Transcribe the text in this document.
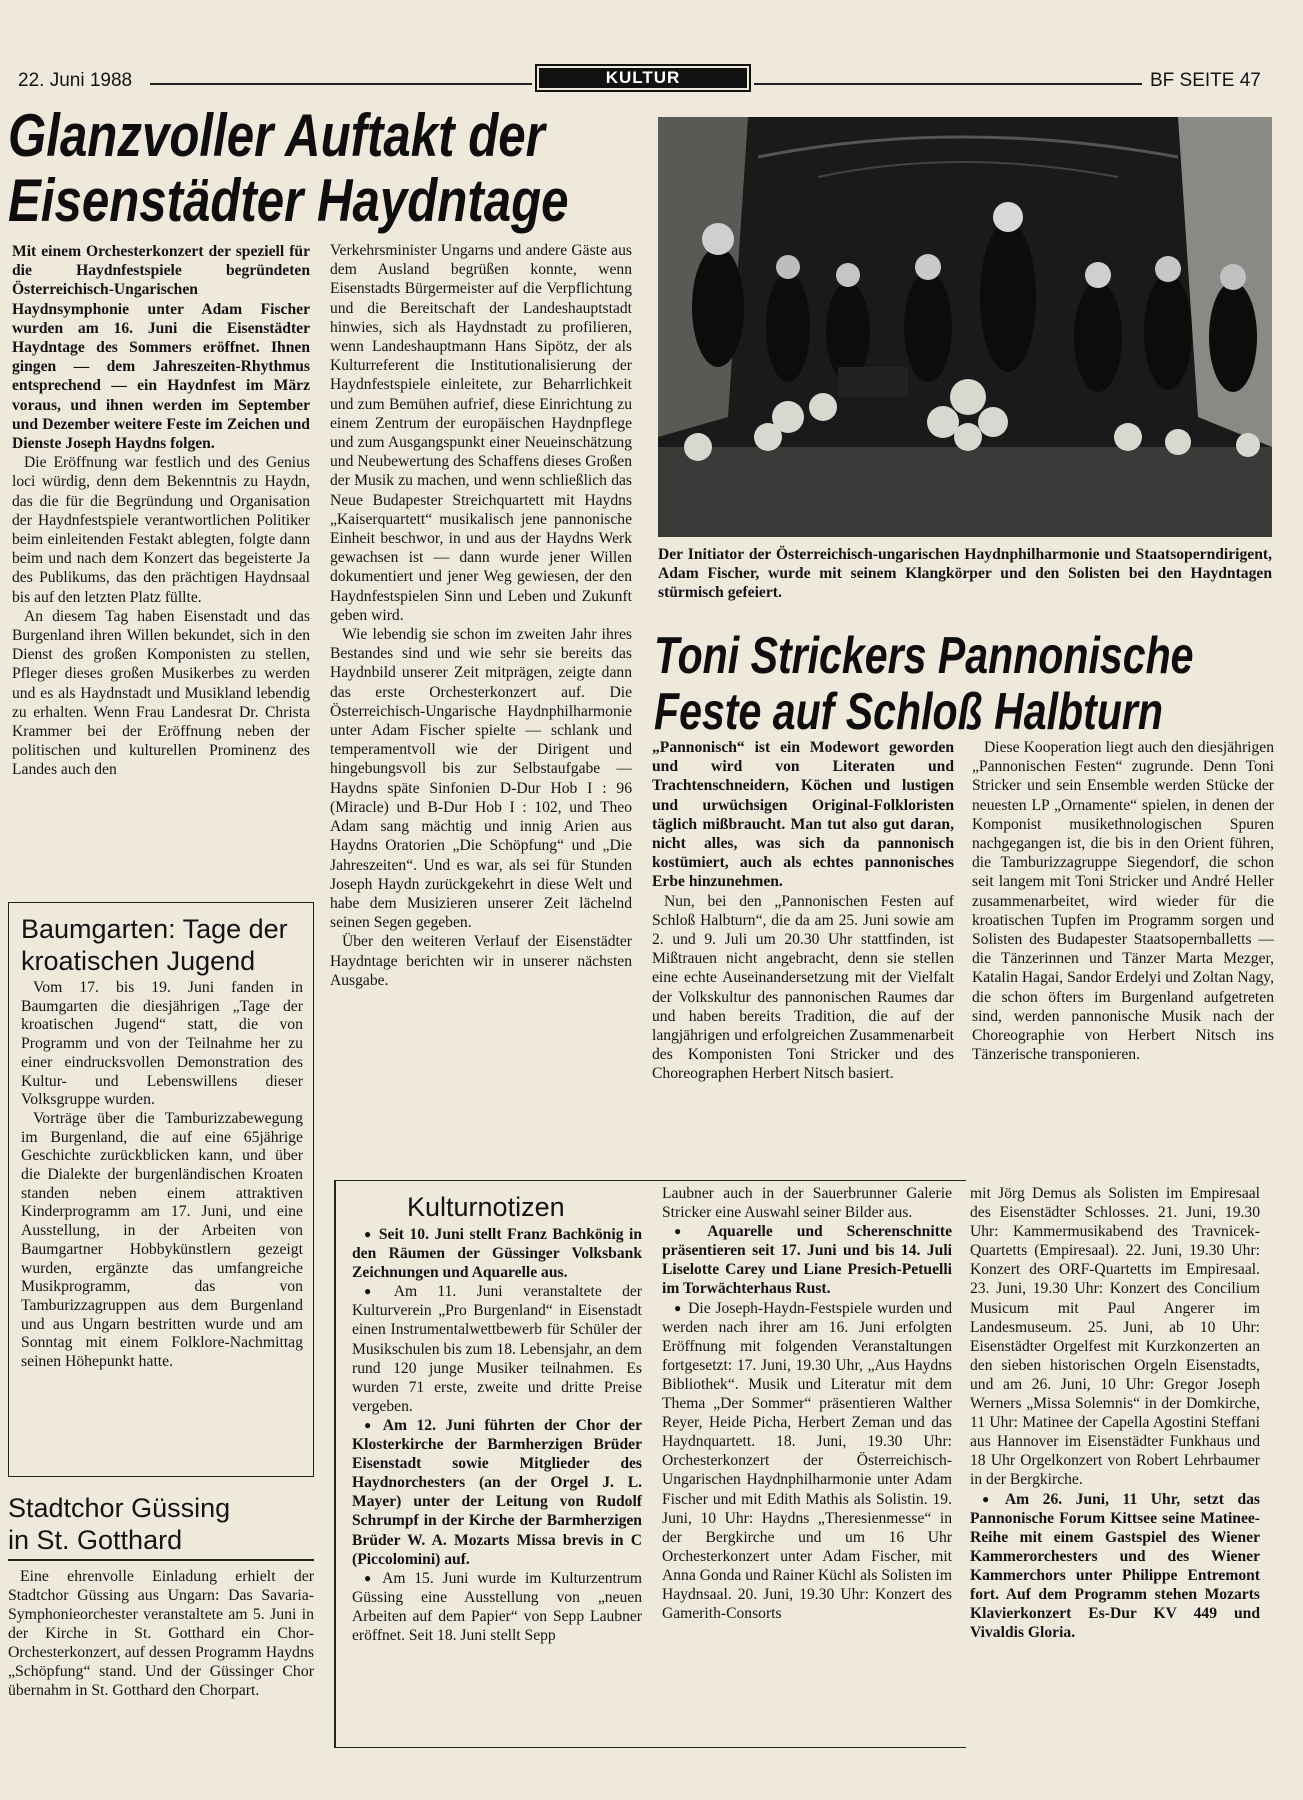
22. Juni 1988	KULTUR	BF SEITE 47
Glanzvoller Auftakt der
Eisenstädter Haydntage

Mit einem Orchesterkonzert der speziell für die Haydnfestspiele begründeten Österreichisch-Ungarischen Haydnsymphonie unter Adam Fischer wurden am 16. Juni die Eisenstädter Haydntage des Sommers eröffnet. Ihnen gingen — dem Jahreszeiten-Rhythmus entsprechend — ein Haydnfest im März voraus, und ihnen werden im September und Dezember weitere Feste im Zeichen und Dienste Joseph Haydns folgen.

Die Eröffnung war festlich und des Genius loci würdig, denn dem Bekenntnis zu Haydn, das die für die Begründung und Organisation der Haydnfestspiele verantwortlichen Politiker beim einleitenden Festakt ablegten, folgte dann beim und nach dem Konzert das begeisterte Ja des Publikums, das den prächtigen Haydnsaal bis auf den letzten Platz füllte.

An diesem Tag haben Eisenstadt und das Burgenland ihren Willen bekundet, sich in den Dienst des großen Komponisten zu stellen, Pfleger dieses großen Musikerbes zu werden und es als Haydnstadt und Musikland lebendig zu erhalten. Wenn Frau Landesrat Dr. Christa Krammer bei der Eröffnung neben der politischen und kulturellen Prominenz des Landes auch den

Verkehrsminister Ungarns und andere Gäste aus dem Ausland begrüßen konnte, wenn Eisenstadts Bürgermeister auf die Verpflichtung und die Bereitschaft der Landeshauptstadt hinwies, sich als Haydnstadt zu profilieren, wenn Landeshauptmann Hans Sipötz, der als Kulturreferent die Institutionalisierung der Haydnfestspiele einleitete, zur Beharrlichkeit und zum Bemühen aufrief, diese Einrichtung zu einem Zentrum der europäischen Haydnpflege und zum Ausgangspunkt einer Neueinschätzung und Neubewertung des Schaffens dieses Großen der Musik zu machen, und wenn schließlich das Neue Budapester Streichquartett mit Haydns „Kaiserquartett“ musikalisch jene pannonische Einheit beschwor, in und aus der Haydns Werk gewachsen ist — dann wurde jener Willen dokumentiert und jener Weg gewiesen, der den Haydnfestspielen Sinn und Leben und Zukunft geben wird.

Wie lebendig sie schon im zweiten Jahr ihres Bestandes sind und wie sehr sie bereits das Haydnbild unserer Zeit mitprägen, zeigte dann das erste Orchesterkonzert auf. Die Österreichisch-Ungarische Haydnphilharmonie unter Adam Fischer spielte — schlank und temperamentvoll wie der Dirigent und hingebungsvoll bis zur Selbstaufgabe — Haydns späte Sinfonien D-Dur Hob I : 96 (Miracle) und B-Dur Hob I : 102, und Theo Adam sang mächtig und innig Arien aus Haydns Oratorien „Die Schöpfung“ und „Die Jahreszeiten“. Und es war, als sei für Stunden Joseph Haydn zurückgekehrt in diese Welt und habe dem Musizieren unserer Zeit lächelnd seinen Segen gegeben.

Über den weiteren Verlauf der Eisenstädter Haydntage berichten wir in unserer nächsten Ausgabe.

Der Initiator der Österreichisch-ungarischen Haydnphilharmonie und Staatsoperndirigent, Adam Fischer, wurde mit seinem Klangkörper und den Solisten bei den Haydntagen stürmisch gefeiert.
Toni Strickers Pannonische
Feste auf Schloß Halbturn

„Pannonisch“ ist ein Modewort geworden und wird von Literaten und Trachtenschneidern, Köchen und lustigen und urwüchsigen Original-Folkloristen täglich mißbraucht. Man tut also gut daran, nicht alles, was sich da pannonisch kostümiert, auch als echtes pannonisches Erbe hinzunehmen.

Nun, bei den „Pannonischen Festen auf Schloß Halbturn“, die da am 25. Juni sowie am 2. und 9. Juli um 20.30 Uhr stattfinden, ist Mißtrauen nicht angebracht, denn sie stellen eine echte Auseinandersetzung mit der Vielfalt der Volkskultur des pannonischen Raumes dar und haben bereits Tradition, die auf der langjährigen und erfolgreichen Zusammenarbeit des Komponisten Toni Stricker und des Choreographen Herbert Nitsch basiert.

Diese Kooperation liegt auch den diesjährigen „Pannonischen Festen“ zugrunde. Denn Toni Stricker und sein Ensemble werden Stücke der neuesten LP „Ornamente“ spielen, in denen der Komponist musikethnologischen Spuren nachgegangen ist, die bis in den Orient führen, die Tamburizzagruppe Siegendorf, die schon seit langem mit Toni Stricker und André Heller zusammenarbeitet, wird wieder für die kroatischen Tupfen im Programm sorgen und Solisten des Budapester Staatsopernballetts — die Tänzerinnen und Tänzer Marta Mezger, Katalin Hagai, Sandor Erdelyi und Zoltan Nagy, die schon öfters im Burgenland aufgetreten sind, werden pannonische Musik nach der Choreographie von Herbert Nitsch ins Tänzerische transponieren.

Baumgarten: Tage der
kroatischen Jugend

Vom 17. bis 19. Juni fanden in Baumgarten die diesjährigen „Tage der kroatischen Jugend“ statt, die von Programm und von der Teilnahme her zu einer eindrucksvollen Demonstration des Kultur- und Lebenswillens dieser Volksgruppe wurden.

Vorträge über die Tamburizzabewegung im Burgenland, die auf eine 65jährige Geschichte zurückblicken kann, und über die Dialekte der burgenländischen Kroaten standen neben einem attraktiven Kinderprogramm am 17. Juni, und eine Ausstellung, in der Arbeiten von Baumgartner Hobbykünstlern gezeigt wurden, ergänzte das umfangreiche Musikprogramm, das von Tamburizzagruppen aus dem Burgenland und aus Ungarn bestritten wurde und am Sonntag mit einem Folklore-Nachmittag seinen Höhepunkt hatte.

Stadtchor Güssing
in St. Gotthard

Eine ehrenvolle Einladung erhielt der Stadtchor Güssing aus Ungarn: Das Savaria-Symphonieorchester veranstaltete am 5. Juni in der Kirche in St. Gotthard ein Chor-Orchesterkonzert, auf dessen Programm Haydns „Schöpfung“ stand. Und der Güssinger Chor übernahm in St. Gotthard den Chorpart.

Kulturnotizen

● Seit 10. Juni stellt Franz Bachkönig in den Räumen der Güssinger Volksbank Zeichnungen und Aquarelle aus.

● Am 11. Juni veranstaltete der Kulturverein „Pro Burgenland“ in Eisenstadt einen Instrumentalwettbewerb für Schüler der Musikschulen bis zum 18. Lebensjahr, an dem rund 120 junge Musiker teilnahmen. Es wurden 71 erste, zweite und dritte Preise vergeben.

● Am 12. Juni führten der Chor der Klosterkirche der Barmherzigen Brüder Eisenstadt sowie Mitglieder des Haydnorchesters (an der Orgel J. L. Mayer) unter der Leitung von Rudolf Schrumpf in der Kirche der Barmherzigen Brüder W. A. Mozarts Missa brevis in C (Piccolomini) auf.

● Am 15. Juni wurde im Kulturzentrum Güssing eine Ausstellung von „neuen Arbeiten auf dem Papier“ von Sepp Laubner eröffnet. Seit 18. Juni stellt Sepp

Laubner auch in der Sauerbrunner Galerie Stricker eine Auswahl seiner Bilder aus.

● Aquarelle und Scherenschnitte präsentieren seit 17. Juni und bis 14. Juli Liselotte Carey und Liane Presich-Petuelli im Torwächterhaus Rust.

● Die Joseph-Haydn-Festspiele wurden und werden nach ihrer am 16. Juni erfolgten Eröffnung mit folgenden Veranstaltungen fortgesetzt: 17. Juni, 19.30 Uhr, „Aus Haydns Bibliothek“. Musik und Literatur mit dem Thema „Der Sommer“ präsentieren Walther Reyer, Heide Picha, Herbert Zeman und das Haydnquartett. 18. Juni, 19.30 Uhr: Orchesterkonzert der Österreichisch-Ungarischen Haydnphilharmonie unter Adam Fischer und mit Edith Mathis als Solistin. 19. Juni, 10 Uhr: Haydns „Theresienmesse“ in der Bergkirche und um 16 Uhr Orchesterkonzert unter Adam Fischer, mit Anna Gonda und Rainer Küchl als Solisten im Haydnsaal. 20. Juni, 19.30 Uhr: Konzert des Gamerith-Consorts

mit Jörg Demus als Solisten im Empiresaal des Eisenstädter Schlosses. 21. Juni, 19.30 Uhr: Kammermusikabend des Travnicek-Quartetts (Empiresaal). 22. Juni, 19.30 Uhr: Konzert des ORF-Quartetts im Empiresaal. 23. Juni, 19.30 Uhr: Konzert des Concilium Musicum mit Paul Angerer im Landesmuseum. 25. Juni, ab 10 Uhr: Eisenstädter Orgelfest mit Kurzkonzerten an den sieben historischen Orgeln Eisenstadts, und am 26. Juni, 10 Uhr: Gregor Joseph Werners „Missa Solemnis“ in der Domkirche, 11 Uhr: Matinee der Capella Agostini Steffani aus Hannover im Eisenstädter Funkhaus und 18 Uhr Orgelkonzert von Robert Lehrbaumer in der Bergkirche.

● Am 26. Juni, 11 Uhr, setzt das Pannonische Forum Kittsee seine Matinee-Reihe mit einem Gastspiel des Wiener Kammerorchesters und des Wiener Kammerchors unter Philippe Entremont fort. Auf dem Programm stehen Mozarts Klavierkonzert Es-Dur KV 449 und Vivaldis Gloria.
